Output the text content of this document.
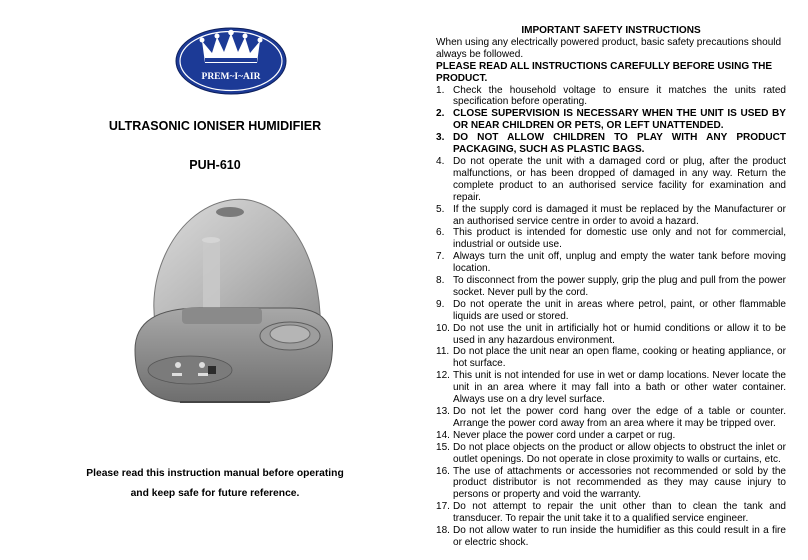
PREM~I~AIR
ULTRASONIC IONISER HUMIDIFIER
PUH-610
Please read this instruction manual before operating
and keep safe for future reference.

IMPORTANT SAFETY INSTRUCTIONS

When using any electrically powered product, basic safety precautions should always be followed.

PLEASE READ ALL INSTRUCTIONS CAREFULLY BEFORE USING THE PRODUCT.

1. Check the household voltage to ensure it matches the units rated specification before operating.
2. CLOSE SUPERVISION IS NECESSARY WHEN THE UNIT IS USED BY OR NEAR CHILDREN OR PETS, OR LEFT UNATTENDED.
3. DO NOT ALLOW CHILDREN TO PLAY WITH ANY PRODUCT PACKAGING, SUCH AS PLASTIC BAGS.
4. Do not operate the unit with a damaged cord or plug, after the product malfunctions, or has been dropped of damaged in any way. Return the complete product to an authorised service facility for examination and repair.
5. If the supply cord is damaged it must be replaced by the Manufacturer or an authorised service centre in order to avoid a hazard.
6. This product is intended for domestic use only and not for commercial, industrial or outside use.
7. Always turn the unit off, unplug and empty the water tank before moving location.
8. To disconnect from the power supply, grip the plug and pull from the power socket. Never pull by the cord.
9. Do not operate the unit in areas where petrol, paint, or other flammable liquids are used or stored.
10. Do not use the unit in artificially hot or humid conditions or allow it to be used in any hazardous environment.
11. Do not place the unit near an open flame, cooking or heating appliance, or hot surface.
12. This unit is not intended for use in wet or damp locations. Never locate the unit in an area where it may fall into a bath or other water container. Always use on a dry level surface.
13. Do not let the power cord hang over the edge of a table or counter. Arrange the power cord away from an area where it may be tripped over.
14. Never place the power cord under a carpet or rug.
15. Do not place objects on the product or allow objects to obstruct the inlet or outlet openings. Do not operate in close proximity to walls or curtains, etc.
16. The use of attachments or accessories not recommended or sold by the product distributor is not recommended as they may cause injury to persons or property and void the warranty.
17. Do not attempt to repair the unit other than to clean the tank and transducer. To repair the unit take it to a qualified service engineer.
18. Do not allow water to run inside the humidifier as this could result in a fire or electric shock.
